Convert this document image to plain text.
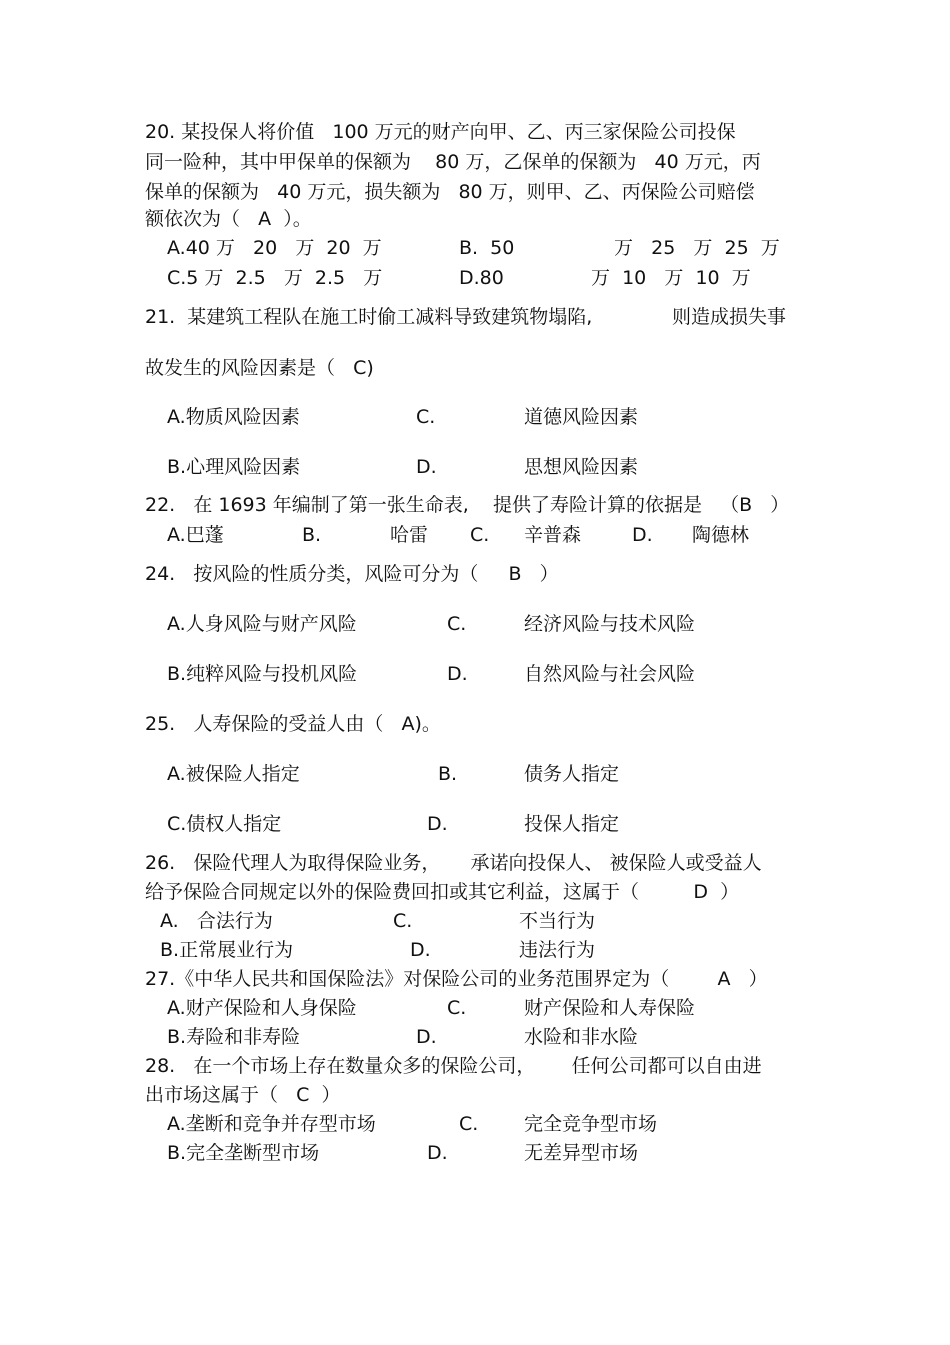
20. 某投保人将价值   100 万元的财产向甲、乙、丙三家保险公司投保
同一险种，其中甲保单的保额为    80 万，乙保单的保额为   40 万元，丙
保单的保额为   40 万元，损失额为   80 万，则甲、乙、丙保险公司赔偿
额依次为（   A  ）。
A.40 万   20   万  20  万	B.  50	万   25   万  25  万
C.5 万  2.5   万  2.5   万	D.80	万  10   万  10  万
21.  某建筑工程队在施工时偷工减料导致建筑物塌陷,	则造成损失事
故发生的风险因素是（   C)
A.物质风险因素	C.	道德风险因素
B.心理风险因素	D.	思想风险因素
22.   在 1693 年编制了第一张生命表,    提供了寿险计算的依据是   （B   ）
A.巴蓬	B.	哈雷 C. 辛普森	D. 陶德林
24.   按风险的性质分类，风险可分为（     B   ）
A.人身风险与财产风险	C.	经济风险与技术风险
B.纯粹风险与投机风险	D.	自然风险与社会风险
25.   人寿保险的受益人由（   A)。
A.被保险人指定	B.	债务人指定
C.债权人指定	D.	投保人指定
26.   保险代理人为取得保险业务，     承诺向投保人、 被保险人或受益人
给予保险合同规定以外的保险费回扣或其它利益，这属于（         D  ）
A.   合法行为	C.	不当行为
B.正常展业行为	D.	违法行为
27.《中华人民共和国保险法》对保险公司的业务范围界定为（        A   ）
A.财产保险和人身保险	C.	财产保险和人寿保险
B.寿险和非寿险	D.	水险和非水险
28.   在一个市场上存在数量众多的保险公司，      任何公司都可以自由进
出市场这属于（   C  ）
A.垄断和竞争并存型市场	C. 完全竞争型市场
B.完全垄断型市场	D.	无差异型市场
